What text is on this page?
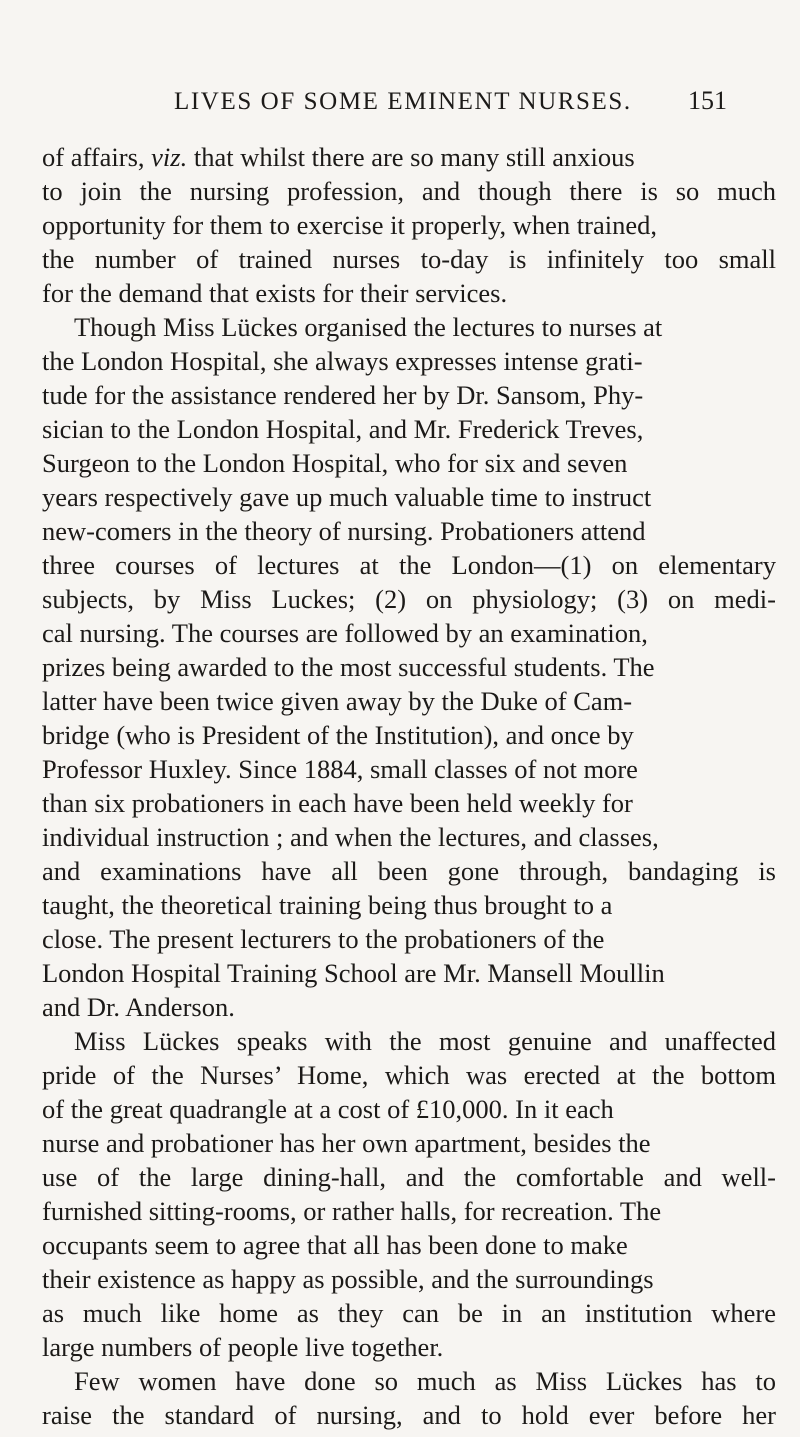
LIVES OF SOME EMINENT NURSES. 151
of affairs, viz. that whilst there are so many still anxious
to join the nursing profession, and though there is so much
opportunity for them to exercise it properly, when trained,
the number of trained nurses to-day is infinitely too small
for the demand that exists for their services.
Though Miss Lückes organised the lectures to nurses at
the London Hospital, she always expresses intense grati-
tude for the assistance rendered her by Dr. Sansom, Phy-
sician to the London Hospital, and Mr. Frederick Treves,
Surgeon to the London Hospital, who for six and seven
years respectively gave up much valuable time to instruct
new-comers in the theory of nursing. Probationers attend
three courses of lectures at the London—(1) on elementary
subjects, by Miss Luckes; (2) on physiology; (3) on medi-
cal nursing. The courses are followed by an examination,
prizes being awarded to the most successful students. The
latter have been twice given away by the Duke of Cam-
bridge (who is President of the Institution), and once by
Professor Huxley. Since 1884, small classes of not more
than six probationers in each have been held weekly for
individual instruction ; and when the lectures, and classes,
and examinations have all been gone through, bandaging is
taught, the theoretical training being thus brought to a
close. The present lecturers to the probationers of the
London Hospital Training School are Mr. Mansell Moullin
and Dr. Anderson.
Miss Lückes speaks with the most genuine and unaffected
pride of the Nurses’ Home, which was erected at the bottom
of the great quadrangle at a cost of £10,000. In it each
nurse and probationer has her own apartment, besides the
use of the large dining-hall, and the comfortable and well-
furnished sitting-rooms, or rather halls, for recreation. The
occupants seem to agree that all has been done to make
their existence as happy as possible, and the surroundings
as much like home as they can be in an institution where
large numbers of people live together.
Few women have done so much as Miss Lückes has to
raise the standard of nursing, and to hold ever before her
